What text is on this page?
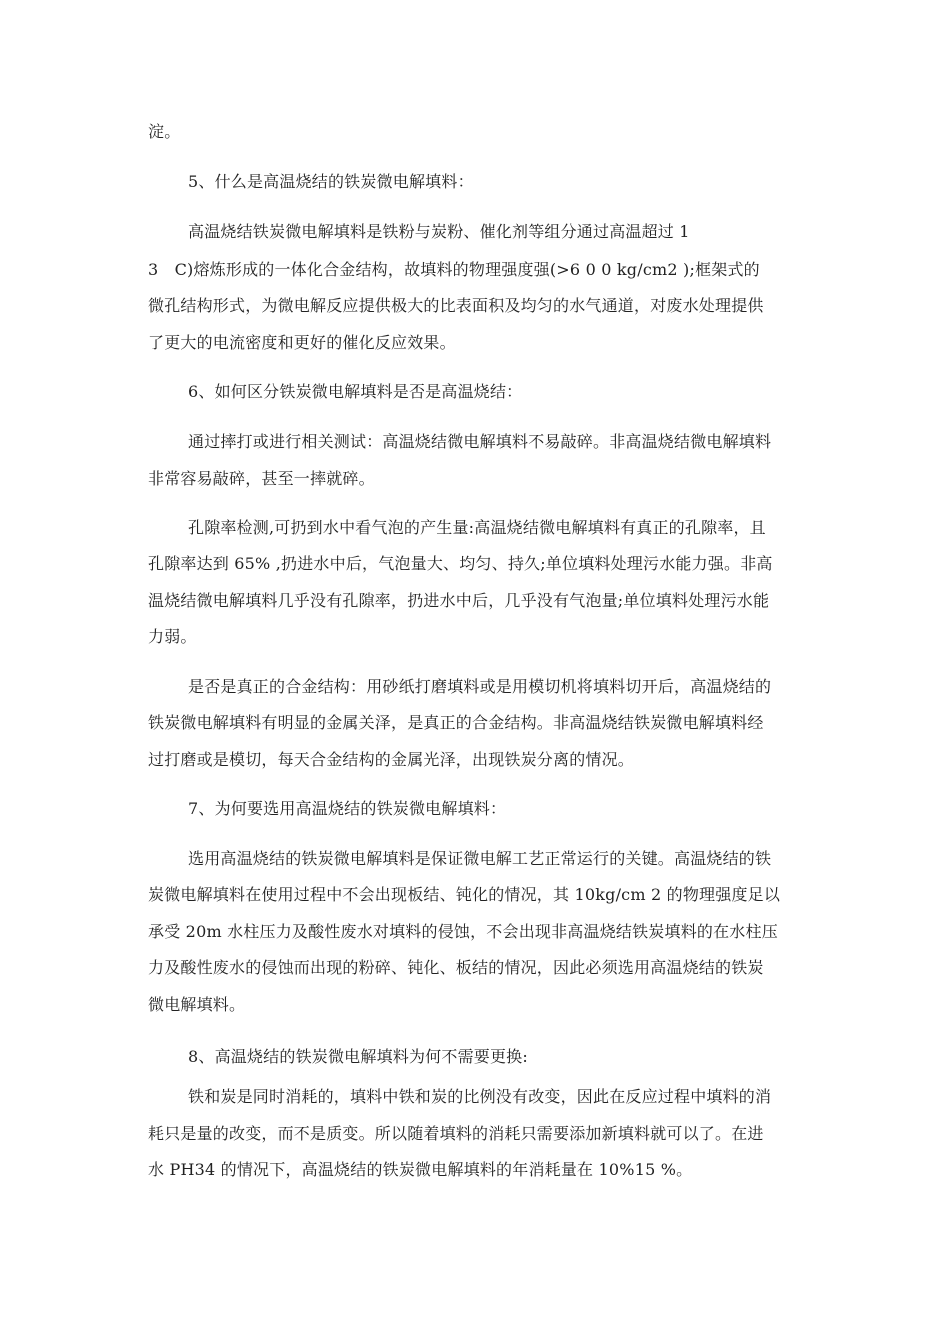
淀。
5、什么是高温烧结的铁炭微电解填料：
高温烧结铁炭微电解填料是铁粉与炭粉、催化剂等组分通过高温超过 1
3　C)熔炼形成的一体化合金结构，故填料的物理强度强(>6 0 0 kg/cm2 );框架式的
微孔结构形式，为微电解反应提供极大的比表面积及均匀的水气通道，对废水处理提供
了更大的电流密度和更好的催化反应效果。
6、如何区分铁炭微电解填料是否是高温烧结：
通过摔打或进行相关测试：高温烧结微电解填料不易敲碎。非高温烧结微电解填料
非常容易敲碎，甚至一摔就碎。
孔隙率检测,可扔到水中看气泡的产生量:高温烧结微电解填料有真正的孔隙率，且
孔隙率达到 65% ,扔进水中后，气泡量大、均匀、持久;单位填料处理污水能力强。非高
温烧结微电解填料几乎没有孔隙率，扔进水中后，几乎没有气泡量;单位填料处理污水能
力弱。
是否是真正的合金结构：用砂纸打磨填料或是用模切机将填料切开后，高温烧结的
铁炭微电解填料有明显的金属关泽，是真正的合金结构。非高温烧结铁炭微电解填料经
过打磨或是模切，每天合金结构的金属光泽，出现铁炭分离的情况。
7、为何要选用高温烧结的铁炭微电解填料：
选用高温烧结的铁炭微电解填料是保证微电解工艺正常运行的关键。高温烧结的铁
炭微电解填料在使用过程中不会出现板结、钝化的情况，其 10kg/cm 2 的物理强度足以
承受 20m 水柱压力及酸性废水对填料的侵蚀，不会出现非高温烧结铁炭填料的在水柱压
力及酸性废水的侵蚀而出现的粉碎、钝化、板结的情况，因此必须选用高温烧结的铁炭
微电解填料。
8、高温烧结的铁炭微电解填料为何不需要更换:
铁和炭是同时消耗的，填料中铁和炭的比例没有改变，因此在反应过程中填料的消
耗只是量的改变，而不是质变。所以随着填料的消耗只需要添加新填料就可以了。在进
水 PH34 的情况下，高温烧结的铁炭微电解填料的年消耗量在 10%15 %。
